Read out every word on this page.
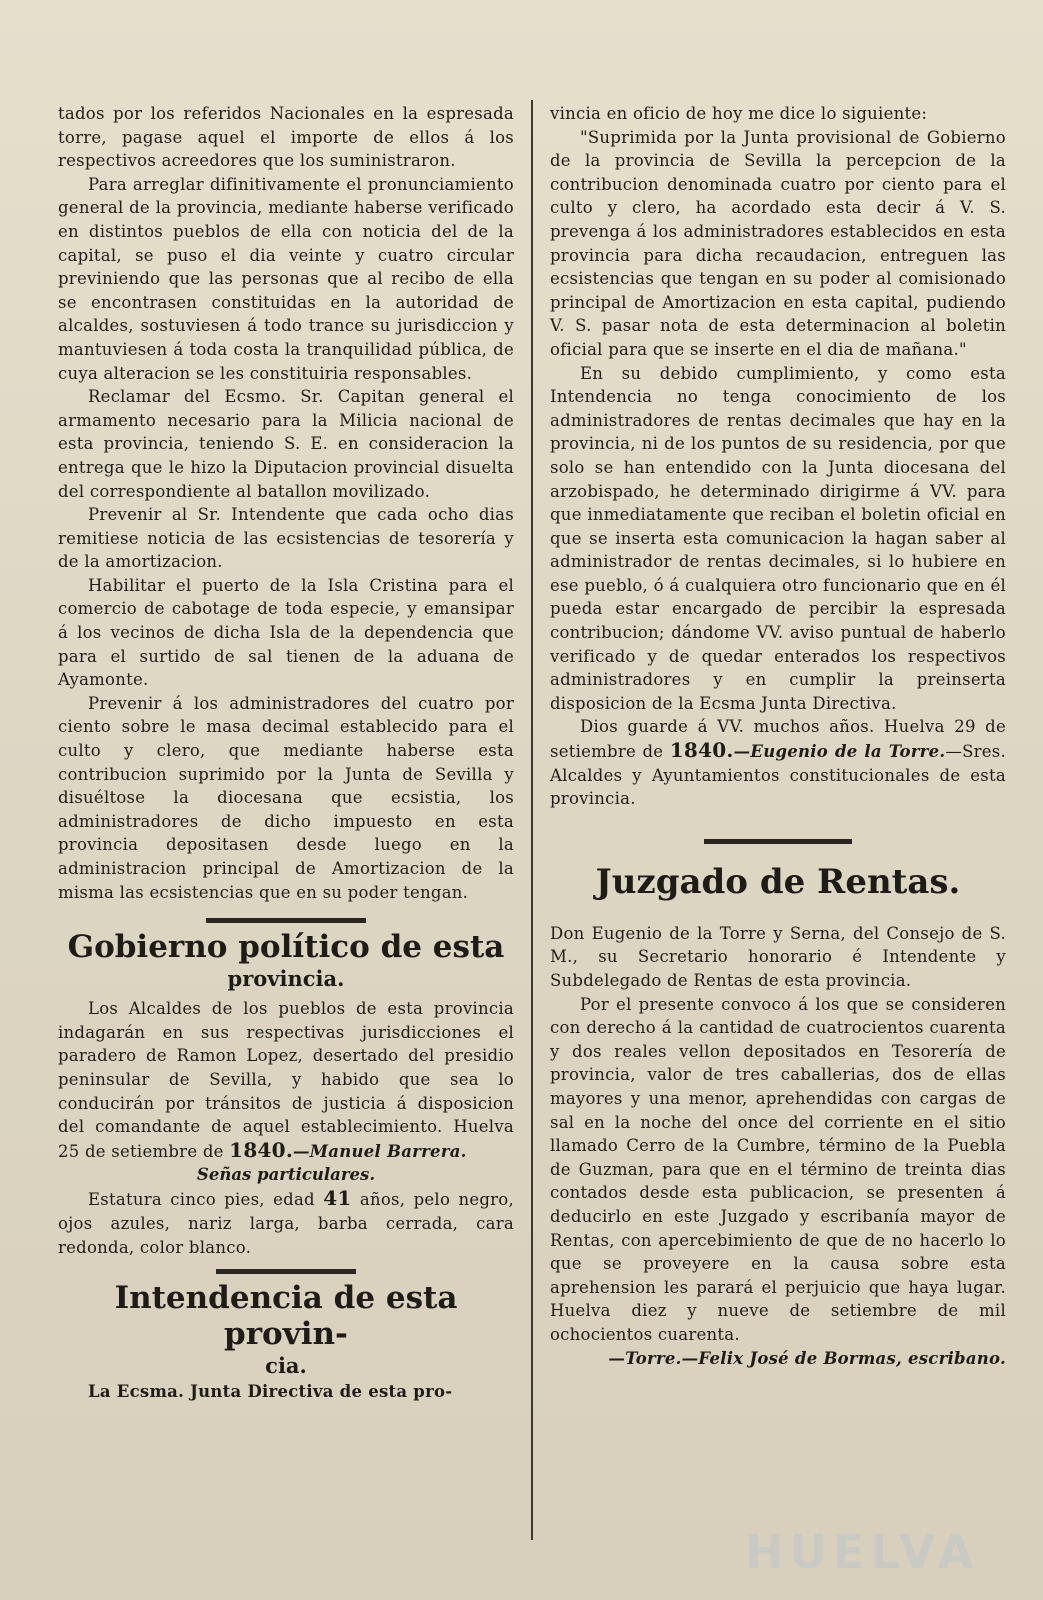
tados por los referidos Nacionales en la espresada torre, pagase aquel el importe de ellos á los respectivos acreedores que los suministraron.

Para arreglar difinitivamente el pronunciamiento general de la provincia, mediante haberse verificado en distintos pueblos de ella con noticia del de la capital, se puso el dia veinte y cuatro circular previniendo que las personas que al recibo de ella se encontrasen constituidas en la autoridad de alcaldes, sostuviesen á todo trance su jurisdiccion y mantuviesen á toda costa la tranquilidad pública, de cuya alteracion se les constituiria responsables.

Reclamar del Ecsmo. Sr. Capitan general el armamento necesario para la Milicia nacional de esta provincia, teniendo S. E. en consideracion la entrega que le hizo la Diputacion provincial disuelta del correspondiente al batallon movilizado.

Prevenir al Sr. Intendente que cada ocho dias remitiese noticia de las ecsistencias de tesorería y de la amortizacion.

Habilitar el puerto de la Isla Cristina para el comercio de cabotage de toda especie, y emansipar á los vecinos de dicha Isla de la dependencia que para el surtido de sal tienen de la aduana de Ayamonte.

Prevenir á los administradores del cuatro por ciento sobre le masa decimal establecido para el culto y clero, que mediante haberse esta contribucion suprimido por la Junta de Sevilla y disuéltose la diocesana que ecsistia, los administradores de dicho impuesto en esta provincia depositasen desde luego en la administracion principal de Amortizacion de la misma las ecsistencias que en su poder tengan.

Gobierno político de esta
provincia.

Los Alcaldes de los pueblos de esta provincia indagarán en sus respectivas jurisdicciones el paradero de Ramon Lopez, desertado del presidio peninsular de Sevilla, y habido que sea lo conducirán por tránsitos de justicia á disposicion del comandante de aquel establecimiento. Huelva 25 de setiembre de 1840.—Manuel Barrera.

Señas particulares.

Estatura cinco pies, edad 41 años, pelo negro, ojos azules, nariz larga, barba cerrada, cara redonda, color blanco.

Intendencia de esta provin-
cia.

La Ecsma. Junta Directiva de esta pro-

vincia en oficio de hoy me dice lo siguiente:

"Suprimida por la Junta provisional de Gobierno de la provincia de Sevilla la percepcion de la contribucion denominada cuatro por ciento para el culto y clero, ha acordado esta decir á V. S. prevenga á los administradores establecidos en esta provincia para dicha recaudacion, entreguen las ecsistencias que tengan en su poder al comisionado principal de Amortizacion en esta capital, pudiendo V. S. pasar nota de esta determinacion al boletin oficial para que se inserte en el dia de mañana."

En su debido cumplimiento, y como esta Intendencia no tenga conocimiento de los administradores de rentas decimales que hay en la provincia, ni de los puntos de su residencia, por que solo se han entendido con la Junta diocesana del arzobispado, he determinado dirigirme á VV. para que inmediatamente que reciban el boletin oficial en que se inserta esta comunicacion la hagan saber al administrador de rentas decimales, si lo hubiere en ese pueblo, ó á cualquiera otro funcionario que en él pueda estar encargado de percibir la espresada contribucion; dándome VV. aviso puntual de haberlo verificado y de quedar enterados los respectivos administradores y en cumplir la preinserta disposicion de la Ecsma Junta Directiva.

Dios guarde á VV. muchos años. Huelva 29 de setiembre de 1840.—Eugenio de la Torre.—Sres. Alcaldes y Ayuntamientos constitucionales de esta provincia.

Juzgado de Rentas.

Don Eugenio de la Torre y Serna, del Consejo de S. M., su Secretario honorario é Intendente y Subdelegado de Rentas de esta provincia.

Por el presente convoco á los que se consideren con derecho á la cantidad de cuatrocientos cuarenta y dos reales vellon depositados en Tesorería de provincia, valor de tres caballerias, dos de ellas mayores y una menor, aprehendidas con cargas de sal en la noche del once del corriente en el sitio llamado Cerro de la Cumbre, término de la Puebla de Guzman, para que en el término de treinta dias contados desde esta publicacion, se presenten á deducirlo en este Juzgado y escribanía mayor de Rentas, con apercebimiento de que de no hacerlo lo que se proveyere en la causa sobre esta aprehension les parará el perjuicio que haya lugar. Huelva diez y nueve de setiembre de mil ochocientos cuarenta.

—Torre.—Felix José de Bormas, escribano.

HUELVA
